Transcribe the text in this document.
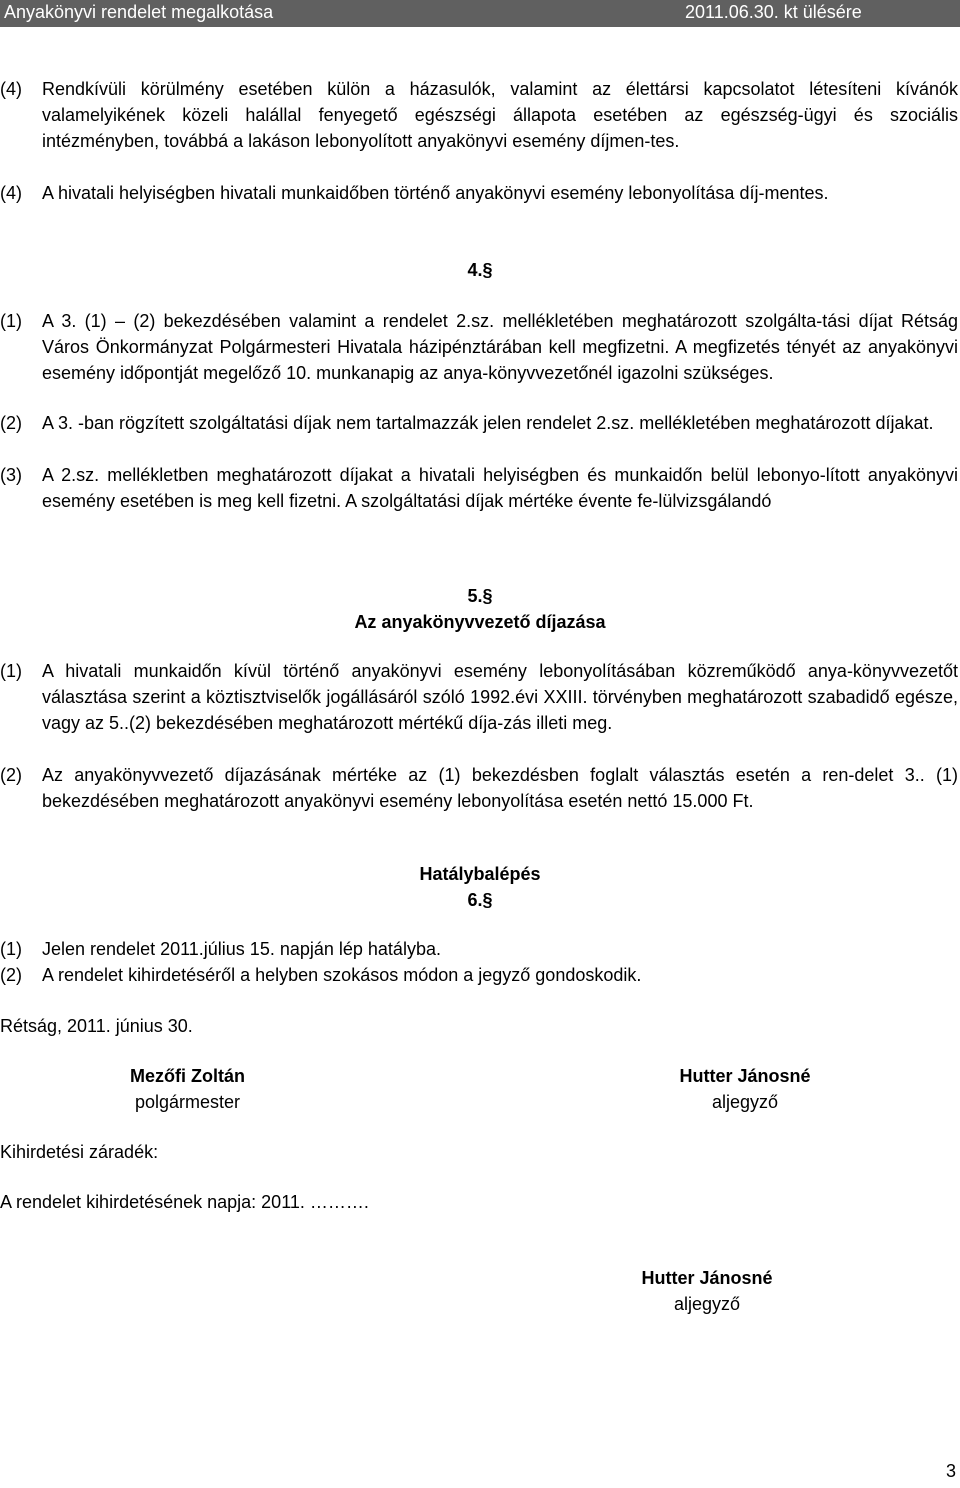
Anyakönyvi rendelet megalkotása	2011.06.30. kt ülésére
(4)	Rendkívüli körülmény esetében külön a házasulók, valamint az élettársi kapcsolatot létesíteni kívánók valamelyikének közeli halállal fenyegető egészségi állapota esetében az egészség-ügyi és szociális intézményben, továbbá a lakáson lebonyolított anyakönyvi esemény díjmen-tes.
(4)	A hivatali helyiségben hivatali munkaidőben történő anyakönyvi esemény lebonyolítása díj-mentes.
4.§
(1)	A 3. (1) – (2) bekezdésében valamint a rendelet 2.sz. mellékletében meghatározott szolgálta-tási díjat Rétság Város Önkormányzat Polgármesteri Hivatala házipénztárában kell megfizetni. A megfizetés tényét az anyakönyvi esemény időpontját megelőző 10. munkanapig az anya-könyvvezetőnél igazolni szükséges.
(2)	A 3. -ban rögzített szolgáltatási díjak nem tartalmazzák jelen rendelet 2.sz. mellékletében meghatározott díjakat.
(3)	A 2.sz. mellékletben meghatározott díjakat a hivatali helyiségben és munkaidőn belül lebonyo-lított anyakönyvi esemény esetében is meg kell fizetni. A szolgáltatási díjak mértéke évente fe-lülvizsgálandó
5.§
Az anyakönyvvezető díjazása
(1)	A hivatali munkaidőn kívül történő anyakönyvi esemény lebonyolításában közreműködő anya-könyvvezetőt választása szerint a köztisztviselők jogállásáról szóló 1992.évi XXIII. törvényben meghatározott szabadidő egésze, vagy az 5..(2) bekezdésében meghatározott mértékű díja-zás illeti meg.
(2)	Az anyakönyvvezető díjazásának mértéke az (1) bekezdésben foglalt választás esetén a ren-delet 3.. (1) bekezdésében meghatározott anyakönyvi esemény lebonyolítása esetén nettó 15.000 Ft.
Hatálybalépés
6.§
(1)	Jelen rendelet 2011.július 15. napján lép hatályba.
(2)	A rendelet kihirdetéséről a helyben szokásos módon a jegyző gondoskodik.
Rétság, 2011. június 30.
Mezőfi Zoltán
polgármester
Hutter Jánosné
aljegyző
Kihirdetési záradék:
A rendelet kihirdetésének napja: 2011. ……….
Hutter Jánosné
aljegyző
3
